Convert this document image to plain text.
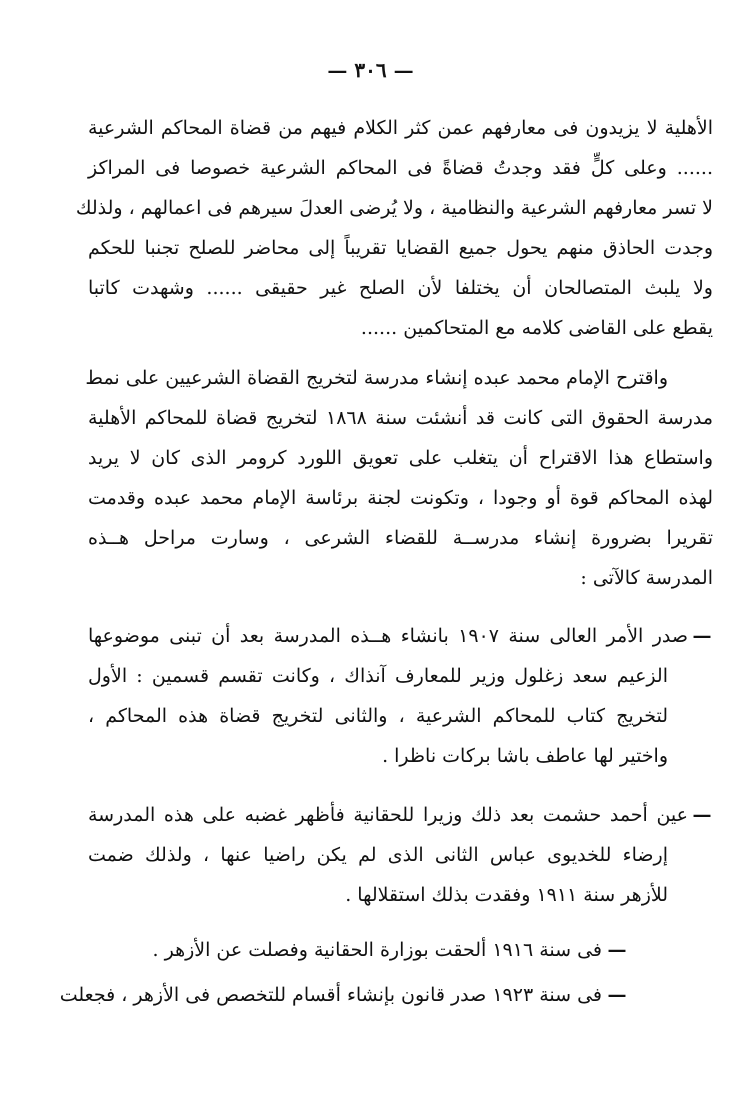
— ٣٠٦ —
الأهلية لا يزيدون فى معارفهم عمن كثر الكلام فيهم من قضاة المحاكم الشرعية
...... وعلى كلٍّ فقد وجدتُ قضاةً فى المحاكم الشرعية خصوصا فى المراكز
لا تسر معارفهم الشرعية والنظامية ، ولا يُرضى العدلَ سيرهم فى اعمالهم ، ولذلك
وجدت الحاذق منهم يحول جميع القضايا تقريباً إلى محاضر للصلح تجنبا للحكم
ولا يلبث المتصالحان أن يختلفا لأن الصلح غير حقيقى ...... وشهدت كاتبا
يقطع على القاضى كلامه مع المتحاكمين ......
واقترح الإمام محمد عبده إنشاء مدرسة لتخريج القضاة الشرعيين على نمط
مدرسة الحقوق التى كانت قد أنشئت سنة ١٨٦٨ لتخريج قضاة للمحاكم الأهلية
واستطاع هذا الاقتراح أن يتغلب على تعويق اللورد كرومر الذى كان لا يريد
لهذه المحاكم قوة أو وجودا ، وتكونت لجنة برئاسة الإمام محمد عبده وقدمت
تقريرا بضرورة إنشاء مدرســة للقضاء الشرعى ، وسارت مراحل هــذه
المدرسة كالآتى :
—
صدر الأمر العالى سنة ١٩٠٧ بانشاء هــذه المدرسة بعد أن تبنى موضوعها
الزعيم سعد زغلول وزير للمعارف آنذاك ، وكانت تقسم قسمين : الأول
لتخريج كتاب للمحاكم الشرعية ، والثانى لتخريج قضاة هذه المحاكم ،
واختير لها عاطف باشا بركات ناظرا .
—
عين أحمد حشمت بعد ذلك وزيرا للحقانية فأظهر غضبه على هذه المدرسة
إرضاء للخديوى عباس الثانى الذى لم يكن راضيا عنها ، ولذلك ضمت
للأزهر سنة ١٩١١ وفقدت بذلك استقلالها .
—
فى سنة ١٩١٦ ألحقت بوزارة الحقانية وفصلت عن الأزهر .
—
فى سنة ١٩٢٣ صدر قانون بإنشاء أقسام للتخصص فى الأزهر ، فجعلت
